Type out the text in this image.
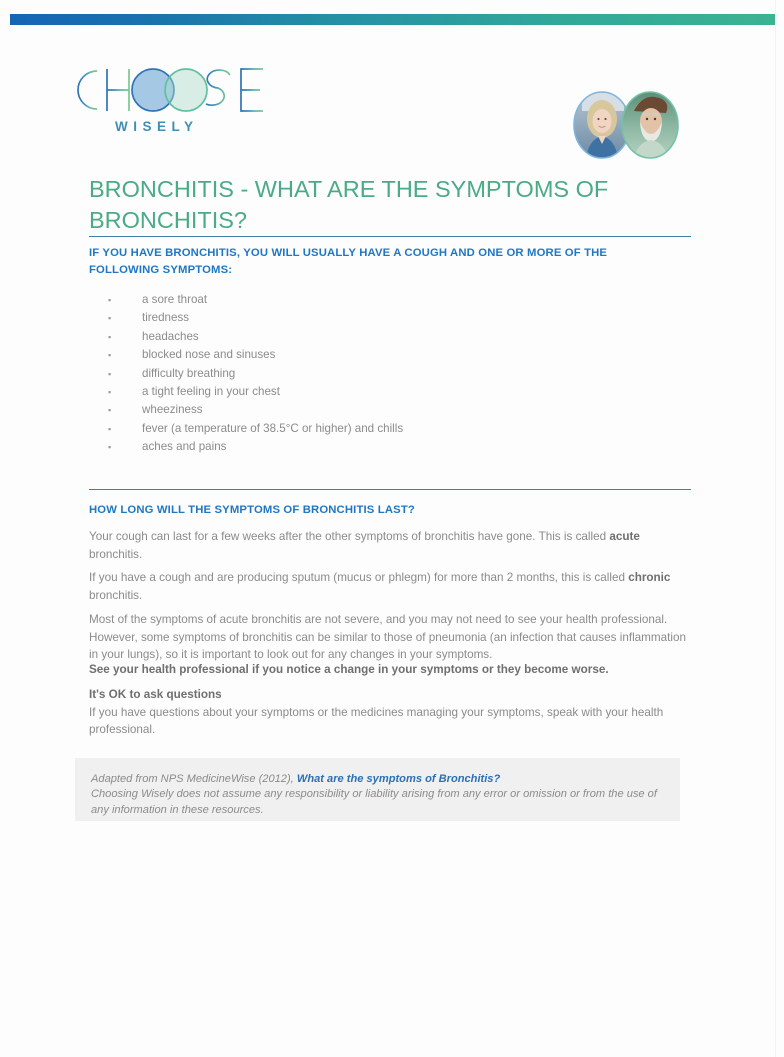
WISELY
BRONCHITIS - WHAT ARE THE SYMPTOMS OF BRONCHITIS?
IF YOU HAVE BRONCHITIS, YOU WILL USUALLY HAVE A COUGH AND ONE OR MORE OF THE FOLLOWING SYMPTOMS:
▪	a sore throat
▪	tiredness
▪	headaches
▪	blocked nose and sinuses
▪	difficulty breathing
▪	a tight feeling in your chest
▪	wheeziness
▪	fever (a temperature of 38.5°C or higher) and chills
▪	aches and pains
HOW LONG WILL THE SYMPTOMS OF BRONCHITIS LAST?

Your cough can last for a few weeks after the other symptoms of bronchitis have gone. This is called acute bronchitis.

If you have a cough and are producing sputum (mucus or phlegm) for more than 2 months, this is called chronic bronchitis.

Most of the symptoms of acute bronchitis are not severe, and you may not need to see your health professional. However, some symptoms of bronchitis can be similar to those of pneumonia (an infection that causes inflammation in your lungs), so it is important to look out for any changes in your symptoms.

See your health professional if you notice a change in your symptoms or they become worse.

It's OK to ask questions

If you have questions about your symptoms or the medicines managing your symptoms, speak with your health professional.

Adapted from NPS MedicineWise (2012), What are the symptoms of Bronchitis?
Choosing Wisely does not assume any responsibility or liability arising from any error or omission or from the use of any information in these resources.
